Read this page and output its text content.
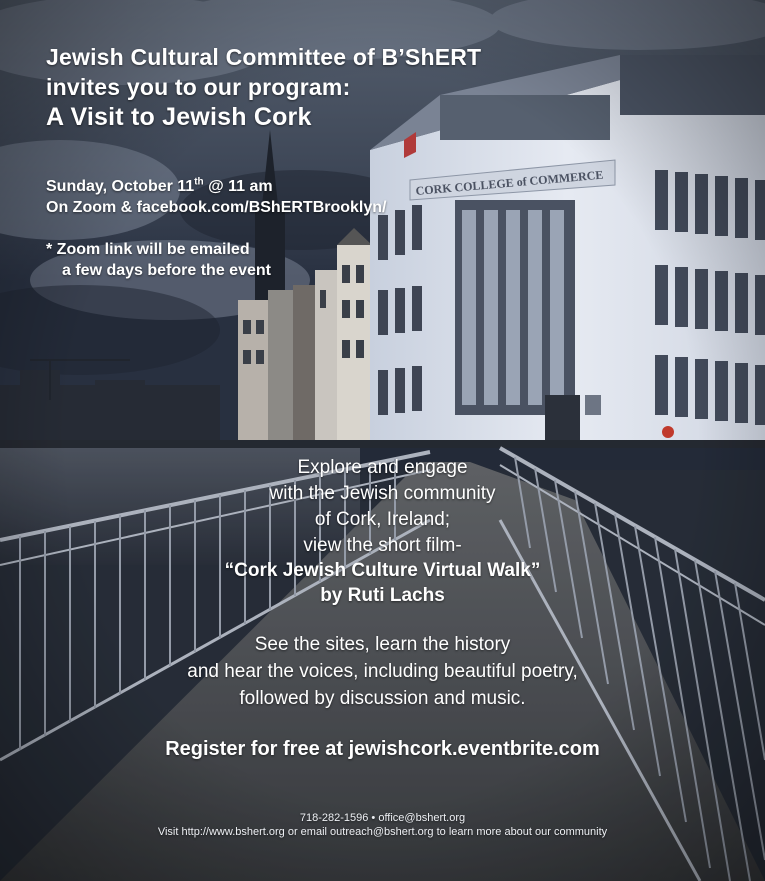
Jewish Cultural Committee of B’ShERT
invites you to our program:
A Visit to Jewish Cork
Sunday, October 11th @ 11 am
On Zoom & facebook.com/BShERTBrooklyn/
* Zoom link will be emailed
a few days before the event
Explore and engage
with the Jewish community
of Cork, Ireland;
view the short film-
“Cork Jewish Culture Virtual Walk”
by Ruti Lachs
See the sites, learn the history
and hear the voices, including beautiful poetry,
followed by discussion and music.
Register for free at jewishcork.eventbrite.com
718-282-1596 • office@bshert.org
Visit http://www.bshert.org or email outreach@bshert.org to learn more about our community
